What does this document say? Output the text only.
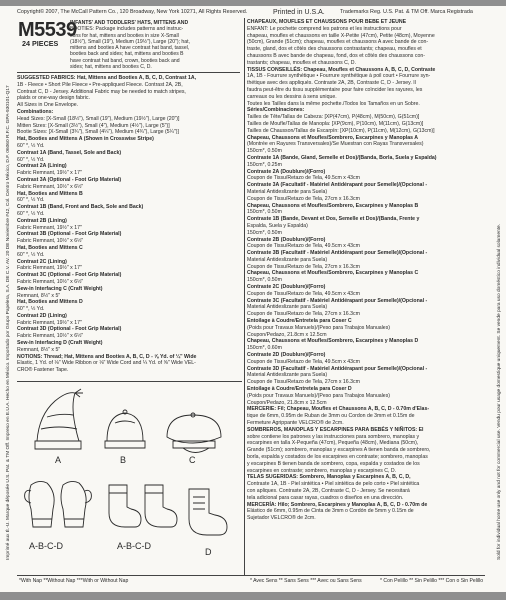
Copyright© 2007, The McCall Pattern Co., 120 Broadway, New York 10271, All Rights Reserved.	Printed in U.S.A.	Trademarks Reg. U.S. Pat. & TM Off. Marca Registrada
M5539
24 PIECES
INFANTS' AND TODDLERS' HATS, MITTENS AND
BOOTIES: Package includes patterns and instruc-
tions for hat, mittens and booties in size X-Small
(18½"), Small (19"), Medium (19½"), Large (20"); hat,
mittens and booties A have contrast hat band, tassel,
booties back and sides; hat, mittens and booties B
have contrast hat band, crown, booties back and
sides; hat, mittens and booties C, D.
SUGGESTED FABRICS: Hat, Mittens and Booties A, B, C, D, Contrast 1A,
1B - Fleece • Short Pile Fleece • Pre-appliqued Fleece. Contrast 2A, 2B,
Contrast C, D - Jersey. Additional Fabric may be needed to match stripes,
plaids or one-way design fabric.
All Sizes in One Envelope.
Combinations:
Head Sizes: [X-Small (18½"), Small (19"), Medium (19½"), Large (20")]
Mitten Sizes: [X-Small (3½"), Small (4"), Medium (4½"), Large (5")]
Bootie Sizes: [X-Small (3¾"), Small (4¼"), Medium (4¾"), Large (5¼")]
Hat, Booties and Mittens A (Shown in Crosswise Stripe)
60" *, ½ Yd.
Contrast 1A (Band, Tassel, Sole and Back)
60" *, ½ Yd.
Contrast 2A (Lining)
Fabric Remnant, 19½" x 17"
Contrast 3A (Optional - Foot Grip Material)
Fabric Remnant, 10½" x 6½"
Hat, Booties and Mittens B
60" *, ½ Yd.
Contrast 1B (Band, Front and Back, Sole and Back)
60" *, ½ Yd.
Contrast 2B (Lining)
Fabric Remnant, 19½" x 17"
Contrast 3B (Optional - Foot Grip Material)
Fabric Remnant, 10½" x 6½"
Hat, Booties and Mittens C
60" *, ½ Yd.
Contrast 2C (Lining)
Fabric Remnant, 19½" x 17"
Contrast 3C (Optional - Foot Grip Material)
Fabric Remnant, 10½" x 6½"
Sew-in Interfacing C (Craft Weight)
Remnant, 8½" x 5"
Hat, Booties and Mittens D
60" *, ½ Yd.
Contrast 2D (Lining)
Fabric Remnant, 19½" x 17"
Contrast 3D (Optional - Foot Grip Material)
Fabric Remnant, 10½" x 6½"
Sew-in Interfacing D (Craft Weight)
Remnant, 8½" x 5"
NOTIONS: Thread; Hat, Mittens and Booties A, B, C, D - ⅝ Yd. of ¼" Wide
Elastic, 1 Yd. of ⅛" Wide Ribbon or ⅛" Wide Cord and ¼ Yd. of ⅝" Wide VEL-
CRO® Fastener Tape.
CHAPEAUX, MOUFLES ET CHAUSSONS POUR BÉBÉ ET JEUNE
ENFANT: Le pochette comprend les patrons et les instructions pour
chapeau, moufles et chaussons en taille X-Petite (47cm), Petite (48cm), Moyenne
(50cm), Grande (51cm); chapeau, moufles et chaussons A avec bande de con-
traste, gland, dos et côtés des chaussons contrastants; chapeau, moufles et
chaussons B avec bande de chapeau, fond, dos et côtés des chaussons con-
trastants; chapeau, moufles et chaussons C, D.
TISSUS CONSEILLÉS: Chapeau, Moufles et Chaussons A, B, C, D, Contraste
1A, 1B - Fourrure synthétique • Fourrure synthétique à poil court • Fourrure syn-
thétique avec des appliqués. Contraste 2A, 2B, Contraste C, D - Jersey. Il
faudra peut-être du tissu supplémentaire pour faire coïncider les rayures, les
carreaux ou les dessins à sens unique.
Toutes les Tailles dans la même pochette./Todos los Tamaños en un Sobre.
Séries/Combinaciones:
Tailles de Tête/Tallas de Cabeza: [XP(47cm), P(48cm), M(50cm), G(51cm)]
Tailles de Moufle/Tallas de Manopla: [XP(9cm), P(10cm), M(11cm), G(13cm)]
Tailles de Chausson/Tallas de Escarpín: [XP(10cm), P(11cm), M(12cm), G(13cm)]
Chapeau, Chaussons et Moufles/Sombrero, Escarpines y Manoplas A
(Montrée en Rayures Transversales)/Se Muestran con Rayas Transversales)
150cm*, 0.50m
Contraste 1A (Bande, Gland, Semelle et Dos)/(Banda, Borla, Suela y Espalda)
150cm*, 0.25m
Contraste 2A (Doublure)/(Forro)
Coupon de Tissu/Retazo de Tela, 49.5cm x 43cm
Contraste 3A (Facultatif - Matériel Antidérapant pour Semelle)/(Opcional -
Material Antideslizante para Suela)
Coupon de Tissu/Retazo de Tela, 27cm x 16.3cm
Chapeau, Chaussons et Moufles/Sombrero, Escarpines y Manoplas B
150cm*, 0.50m
Contraste 1B (Bande, Devant et Dos, Semelle et Dos)/(Banda, Frente y
Espalda, Suela y Espalda)
150cm*, 0.50m
Contraste 2B (Doublure)/(Forro)
Coupon de Tissu/Retazo de Tela, 49.5cm x 43cm
Contraste 3B (Facultatif - Matériel Antidérapant pour Semelle)/(Opcional -
Material Antideslizante para Suela)
Coupon de Tissu/Retazo de Tela, 27cm x 16.3cm
Chapeau, Chaussons et Moufles/Sombrero, Escarpines y Manoplas C
150cm*, 0.50m
Contraste 2C (Doublure)/(Forro)
Coupon de Tissu/Retazo de Tela, 49.5cm x 43cm
Contraste 3C (Facultatif - Matériel Antidérapant pour Semelle)/(Opcional -
Material Antideslizante para Suela)
Coupon de Tissu/Retazo de Tela, 27cm x 16.3cm
Entoilage à Coudre/Entretela para Coser C
(Poids pour Travaux Manuels)/(Peso para Trabajos Manuales)
Coupon/Pedazo, 21.8cm x 12.5cm
Chapeau, Chaussons et Moufles/Sombrero, Escarpines y Manoplas D
150cm*, 0.60m
Contraste 2D (Doublure)/(Forro)
Coupon de Tissu/Retazo de Tela, 49.5cm x 43cm
Contraste 3D (Facultatif - Matériel Antidérapant pour Semelle)/(Opcional -
Material Antideslizante para Suela)
Coupon de Tissu/Retazo de Tela, 27cm x 16.3cm
Entoilage à Coudre/Entretela para Coser D
(Poids pour Travaux Manuels)/(Peso para Trabajos Manuales)
Coupon/Pedazo, 21.8cm x 12.5cm
MERCERIE: Fil; Chapeau, Moufles et Chaussons A, B, C, D - 0.70m d'Elas-
tique de 6mm, 0.95m de Ruban de 3mm ou Cordon de 3mm et 0.15m de
Fermeture Agrippante VELCRO® de 2cm.
SOMBREROS, MANOPLAS Y ESCARPINES PARA BEBÉS Y NIÑITOS: El
sobre contiene los patrones y las instrucciones para sombrero, manoplas y
escarpines en talla X-Pequeña (47cm), Pequeña (48cm), Mediana (50cm),
Grande (51cm); sombrero, manoplas y escarpines A tienen banda de sombrero,
borla, espalda y costados de los escarpines en contraste; sombrero, manoplas
y escarpines B tienen banda de sombrero, copa, espalda y costados de los
escarpines en contraste; sombrero, manoplas y escarpines C, D.
TELAS SUGERIDAS: Sombrero, Manoplas y Escarpines A, B, C, D,
Contraste 1A, 1B - Piel sintética • Piel sintética de pelo corto • Piel sintética
con apliques. Contraste 2A, 2B, Contraste C, D - Jersey. Se necesitará
tela adicional para casar rayas, cuadros o diseños en una dirección.
MERCERÍA: Hilo; Sombrero, Escarpines y Manoplas A, B, C, D - 0.70m de
Elástico de 6mm, 0.95m de Cinta de 3mm o Cordón de 5mm y 0.15m de
Sujetador VELCRO® de 2cm.
A	B	C
A-B-C-D	A-B-C-D
D
*With Nap **Without Nap ***With or Without Nap	* Avec Sens ** Sans Sens *** Avec ou Sans Sens	* Con Pelillo ** Sin Pelillo *** Con o Sin Pelillo
Imprimé aux É.-U. Marque déposée U.S. Pat. & TM Off. Impreso en E.U.A. Hecho en México. Importado por Grupo Papelera, S.A. DE C.V. AV. 20 DE Noviembre #42, Col. Centro México, D.F. 06060 R.F.C. GPA-930101-Q17	Sold for individual home use only and not for commercial use. Vendu pour usage domestique uniquement. Se vende para uso doméstico individual solamente.
